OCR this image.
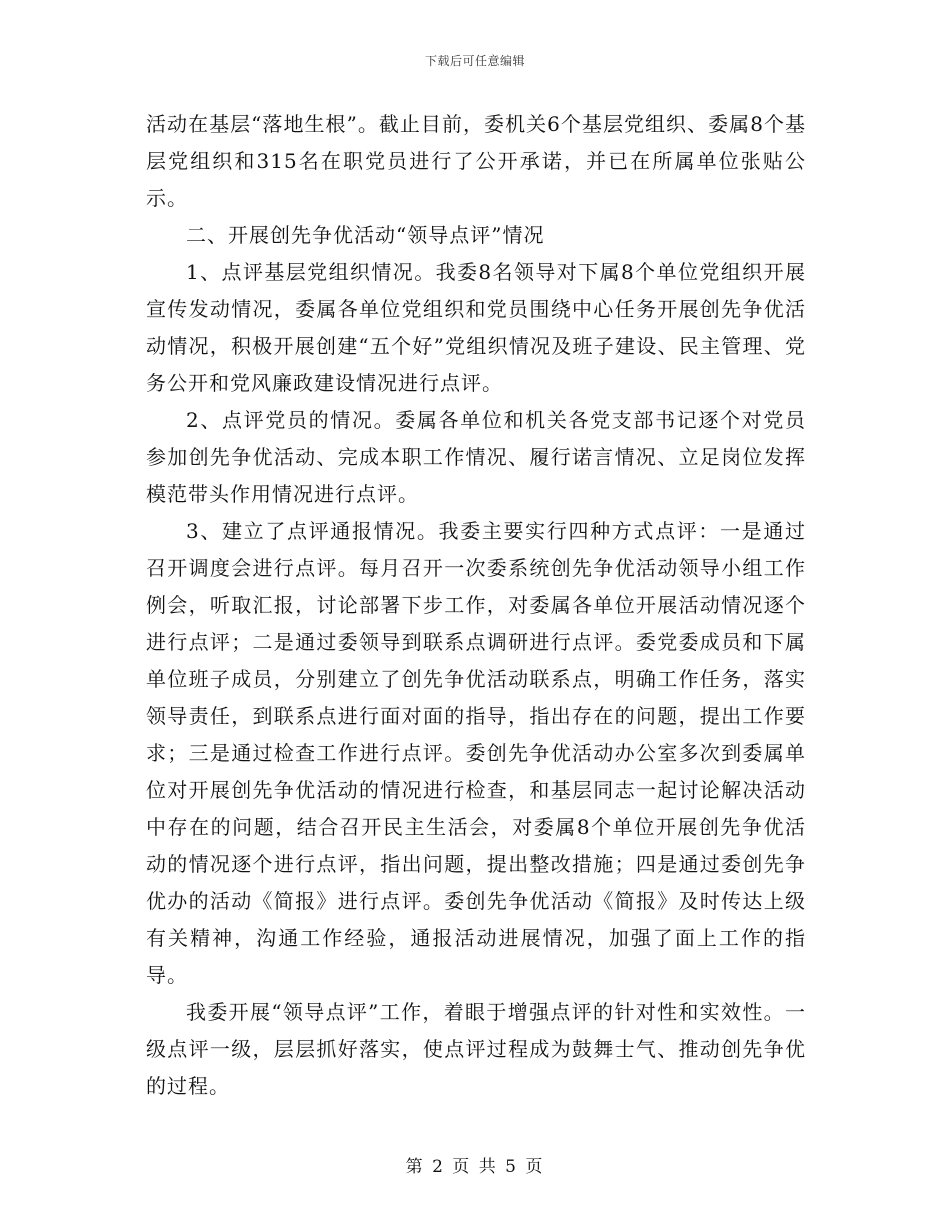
下载后可任意编辑

活动在基层“落地生根”。截止目前，委机关6个基层党组织、委属8个基层党组织和315名在职党员进行了公开承诺，并已在所属单位张贴公示。

二、开展创先争优活动“领导点评”情况

1、点评基层党组织情况。我委8名领导对下属8个单位党组织开展宣传发动情况，委属各单位党组织和党员围绕中心任务开展创先争优活动情况，积极开展创建“五个好”党组织情况及班子建设、民主管理、党务公开和党风廉政建设情况进行点评。

2、点评党员的情况。委属各单位和机关各党支部书记逐个对党员参加创先争优活动、完成本职工作情况、履行诺言情况、立足岗位发挥模范带头作用情况进行点评。

3、建立了点评通报情况。我委主要实行四种方式点评：一是通过召开调度会进行点评。每月召开一次委系统创先争优活动领导小组工作例会，听取汇报，讨论部署下步工作，对委属各单位开展活动情况逐个进行点评；二是通过委领导到联系点调研进行点评。委党委成员和下属单位班子成员，分别建立了创先争优活动联系点，明确工作任务，落实领导责任，到联系点进行面对面的指导，指出存在的问题，提出工作要求；三是通过检查工作进行点评。委创先争优活动办公室多次到委属单位对开展创先争优活动的情况进行检查，和基层同志一起讨论解决活动中存在的问题，结合召开民主生活会，对委属8个单位开展创先争优活动的情况逐个进行点评，指出问题，提出整改措施；四是通过委创先争优办的活动《简报》进行点评。委创先争优活动《简报》及时传达上级有关精神，沟通工作经验，通报活动进展情况，加强了面上工作的指导。

我委开展“领导点评”工作，着眼于增强点评的针对性和实效性。一级点评一级，层层抓好落实，使点评过程成为鼓舞士气、推动创先争优的过程。

第 2 页 共 5 页
